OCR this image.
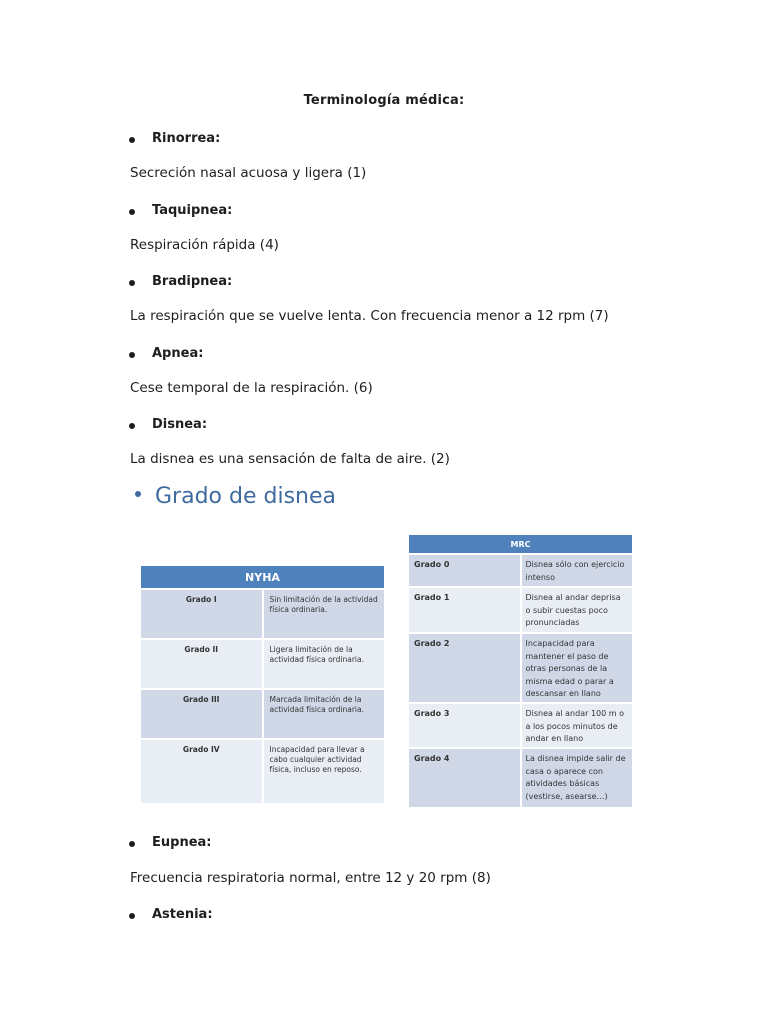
Terminología médica:
Rinorrea:
Secreción nasal acuosa y ligera (1)
Taquipnea:
Respiración rápida (4)
Bradipnea:
La respiración que se vuelve lenta. Con frecuencia menor a 12 rpm (7)
Apnea:
Cese temporal de la respiración. (6)
Disnea:
La disnea es una sensación de falta de aire. (2)
Grado de disnea
NYHA	
Grado I	Sin limitación de la actividad física ordinaria.
Grado II	Ligera limitación de la actividad física ordinaria.
Grado III	Marcada limitación de la actividad física ordinaria.
Grado IV	Incapacidad para llevar a cabo cualquier actividad física, incluso en reposo.
MRC	
Grado 0	Disnea sólo con ejercicio intenso
Grado 1	Disnea al andar deprisa o subir cuestas poco pronunciadas
Grado 2	Incapacidad para mantener el paso de otras personas de la misma edad o parar a descansar en llano
Grado 3	Disnea al andar 100 m o a los pocos minutos de andar en llano
Grado 4	La disnea impide salir de casa o aparece con atividades básicas (vestirse, asearse…)
Eupnea:
Frecuencia respiratoria normal, entre 12 y 20 rpm (8)
Astenia:
